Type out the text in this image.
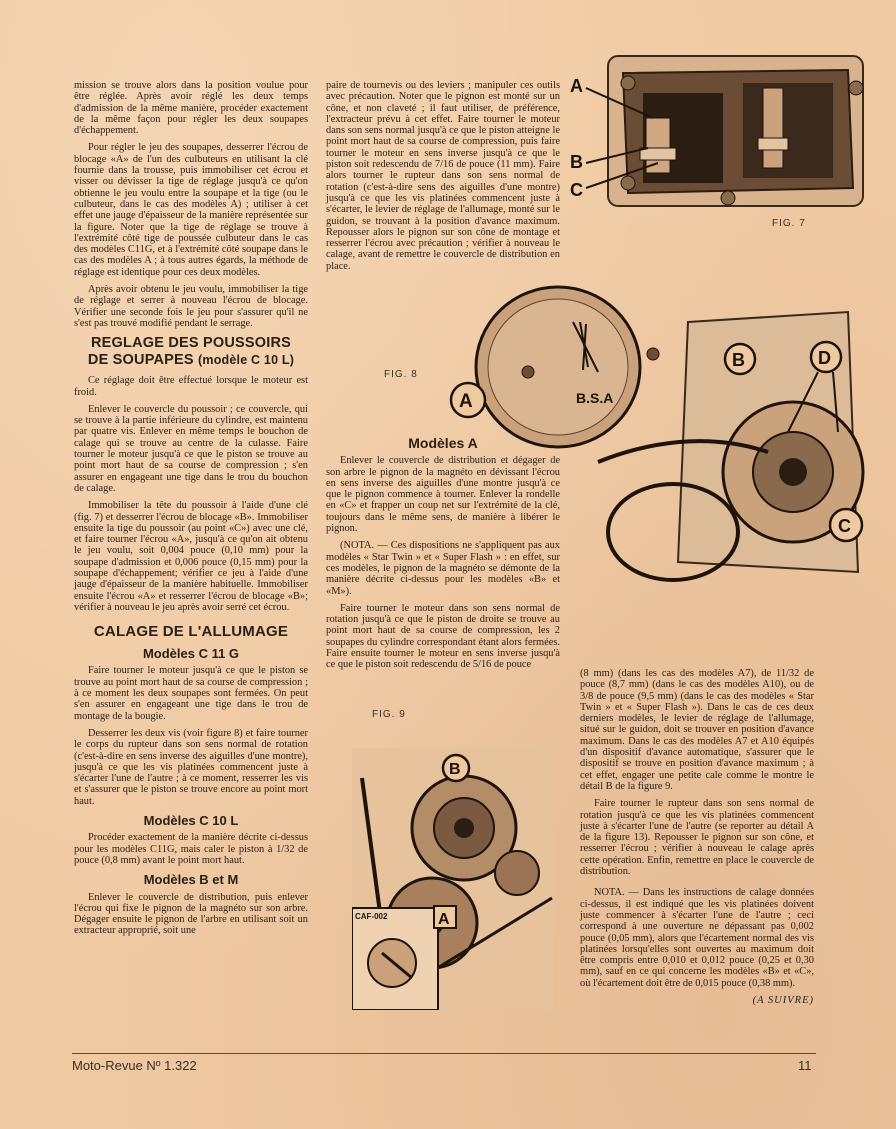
mission se trouve alors dans la position voulue pour être réglée. Après avoir réglé les deux temps d'admission de la même manière, procéder exactement de la même façon pour régler les deux soupapes d'échappement.

Pour régler le jeu des soupapes, desserrer l'écrou de blocage «A» de l'un des culbuteurs en utilisant la clé fournie dans la trousse, puis immobiliser cet écrou et visser ou dévisser la tige de réglage jusqu'à ce qu'on obtienne le jeu voulu entre la soupape et la tige (ou le culbuteur, dans le cas des modèles A) ; utiliser à cet effet une jauge d'épaisseur de la manière représentée sur la figure. Noter que la tige de réglage se trouve à l'extrémité côté tige de poussée culbuteur dans le cas des modèles C11G, et à l'extrémité côté soupape dans le cas des modèles A ; à tous autres égards, la méthode de réglage est identique pour ces deux modèles.

Après avoir obtenu le jeu voulu, immobiliser la tige de réglage et serrer à nouveau l'écrou de blocage. Vérifier une seconde fois le jeu pour s'assurer qu'il ne s'est pas trouvé modifié pendant le serrage.

REGLAGE DES POUSSOIRS
DE SOUPAPES (modèle C 10 L)

Ce réglage doit être effectué lorsque le moteur est froid.

Enlever le couvercle du poussoir ; ce couvercle, qui se trouve à la partie inférieure du cylindre, est maintenu par quatre vis. Enlever en même temps le bouchon de calage qui se trouve au centre de la culasse. Faire tourner le moteur jusqu'à ce que le piston se trouve au point mort haut de sa course de compression ; s'en assurer en engageant une tige dans le trou du bouchon de calage.

Immobiliser la tête du poussoir à l'aide d'une clé (fig. 7) et desserrer l'écrou de blocage «B». Immobiliser ensuite la tige du poussoir (au point «C») avec une clé, et faire tourner l'écrou «A», jusqu'à ce qu'on ait obtenu le jeu voulu, soit 0,004 pouce (0,10 mm) pour la soupape d'admission et 0,006 pouce (0,15 mm) pour la soupape d'échappement; vérifier ce jeu à l'aide d'une jauge d'épaisseur de la manière habituelle. Immobiliser ensuite l'écrou «A» et resserrer l'écrou de blocage «B»; vérifier à nouveau le jeu après avoir serré cet écrou.

CALAGE DE L'ALLUMAGE
Modèles C 11 G

Faire tourner le moteur jusqu'à ce que le piston se trouve au point mort haut de sa course de compression ; à ce moment les deux soupapes sont fermées. On peut s'en assurer en engageant une tige dans le trou de montage de la bougie.

Desserrer les deux vis (voir figure 8) et faire tourner le corps du rupteur dans son sens normal de rotation (c'est-à-dire en sens inverse des aiguilles d'une montre), jusqu'à ce que les vis platinées commencent juste à s'écarter l'une de l'autre ; à ce moment, resserrer les vis et s'assurer que le piston se trouve encore au point mort haut.

Modèles C 10 L

Procéder exactement de la manière décrite ci-dessus pour les modèles C11G, mais caler le piston à 1/32 de pouce (0,8 mm) avant le point mort haut.

Modèles B et M

Enlever le couvercle de distribution, puis enlever l'écrou qui fixe le pignon de la magnéto sur son arbre. Dégager ensuite le pignon de l'arbre en utilisant soit un extracteur approprié, soit une

paire de tournevis ou des leviers ; manipuler ces outils avec précaution. Noter que le pignon est monté sur un cône, et non claveté ; il faut utiliser, de préférence, l'extracteur prévu à cet effet. Faire tourner le moteur dans son sens normal jusqu'à ce que le piston atteigne le point mort haut de sa course de compression, puis faire tourner le moteur en sens inverse jusqu'à ce que le piston soit redescendu de 7/16 de pouce (11 mm). Faire alors tourner le rupteur dans son sens normal de rotation (c'est-à-dire sens des aiguilles d'une montre) jusqu'à ce que les vis platinées commencent juste à s'écarter, le levier de réglage de l'allumage, monté sur le guidon, se trouvant à la position d'avance maximum. Repousser alors le pignon sur son cône de montage et resserrer l'écrou avec précaution ; vérifier à nouveau le calage, avant de remettre le couvercle de distribution en place.

Modèles A

Enlever le couvercle de distribution et dégager de son arbre le pignon de la magnéto en dévissant l'écrou en sens inverse des aiguilles d'une montre jusqu'à ce que le pignon commence à tourner. Enlever la rondelle en «C» et frapper un coup net sur l'extrémité de la clé, toujours dans le même sens, de manière à libérer le pignon.

(NOTA. — Ces dispositions ne s'appliquent pas aux modèles « Star Twin » et « Super Flash » : en effet, sur ces modèles, le pignon de la magnéto se démonte de la manière décrite ci-dessus pour les modèles «B» et «M»).

Faire tourner le moteur dans son sens normal de rotation jusqu'à ce que le piston de droite se trouve au point mort haut de sa course de compression, les 2 soupapes du cylindre correspondant étant alors fermées. Faire ensuite tourner le moteur en sens inverse jusqu'à ce que le piston soit redescendu de 5/16 de pouce

(8 mm) (dans les cas des modèles A7), de 11/32 de pouce (8,7 mm) (dans le cas des modèles A10), ou de 3/8 de pouce (9,5 mm) (dans le cas des modèles « Star Twin » et « Super Flash »). Dans le cas de ces deux derniers modèles, le levier de réglage de l'allumage, situé sur le guidon, doit se trouver en position d'avance maximum. Dans le cas des modèles A7 et A10 équipés d'un dispositif d'avance automatique, s'assurer que le dispositif se trouve en position d'avance maximum ; à cet effet, engager une petite cale comme le montre le détail B de la figure 9.

Faire tourner le rupteur dans son sens normal de rotation jusqu'à ce que les vis platinées commencent juste à s'écarter l'une de l'autre (se reporter au détail A de la figure 13). Repousser le pignon sur son cône, et resserrer l'écrou ; vérifier à nouveau le calage après cette opération. Enfin, remettre en place le couvercle de distribution.

NOTA. — Dans les instructions de calage données ci-dessus, il est indiqué que les vis platinées doivent juste commencer à s'écarter l'une de l'autre ; ceci correspond à une ouverture ne dépassant pas 0,002 pouce (0,05 mm), alors que l'écartement normal des vis platinées lorsqu'elles sont ouvertes au maximum doit être compris entre 0,010 et 0,012 pouce (0,25 et 0,30 mm), sauf en ce qui concerne les modèles «B» et «C», où l'écartement doit être de 0,015 pouce (0,38 mm).

(A SUIVRE)
A
B
C
FIG. 7
B.S.A
A
B
C
D
FIG. 8
FIG. 9
CAF-002
B
A
Moto-Revue Nº 1.322	11
